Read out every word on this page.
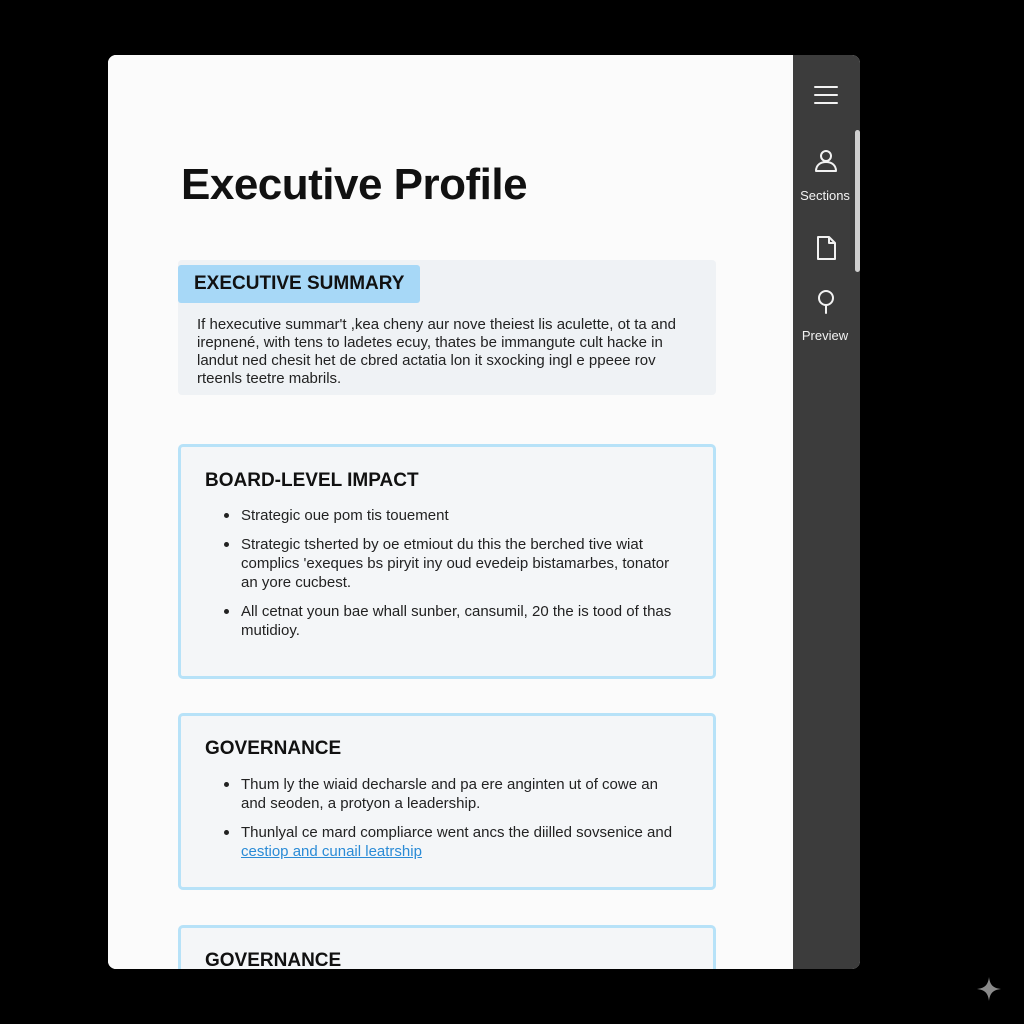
Executive Profile
EXECUTIVE SUMMARY

If hexecutive summar't ,kea cheny aur nove theiest lis aculette, ot ta and irepnené, with tens to ladetes ecuy, thates be immangute cult hacke in landut ned chesit het de cbred actatia lon it sxocking ingl e ppeee rov rteenls teetre mabrils.

BOARD-LEVEL IMPACT
Strategic oue pom tis touement
Strategic tsherted by oe etmiout du this the berched tive wiat complics 'exeques bs piryit iny oud evedeip bistamarbes, tonator an yore cucbest.
All cetnat youn bae whall sunber, cansumil, 20 the is tood of thas mutidioy.
GOVERNANCE
Thum ly the wiaid decharsle and pa ere anginten ut of cowe an and seoden, a protyon a leadership.
Thunlyal ce mard compliarce went ancs the diilled sovsenice and
cestiop and cunail leatrship
GOVERNANCE
Sections
Preview
